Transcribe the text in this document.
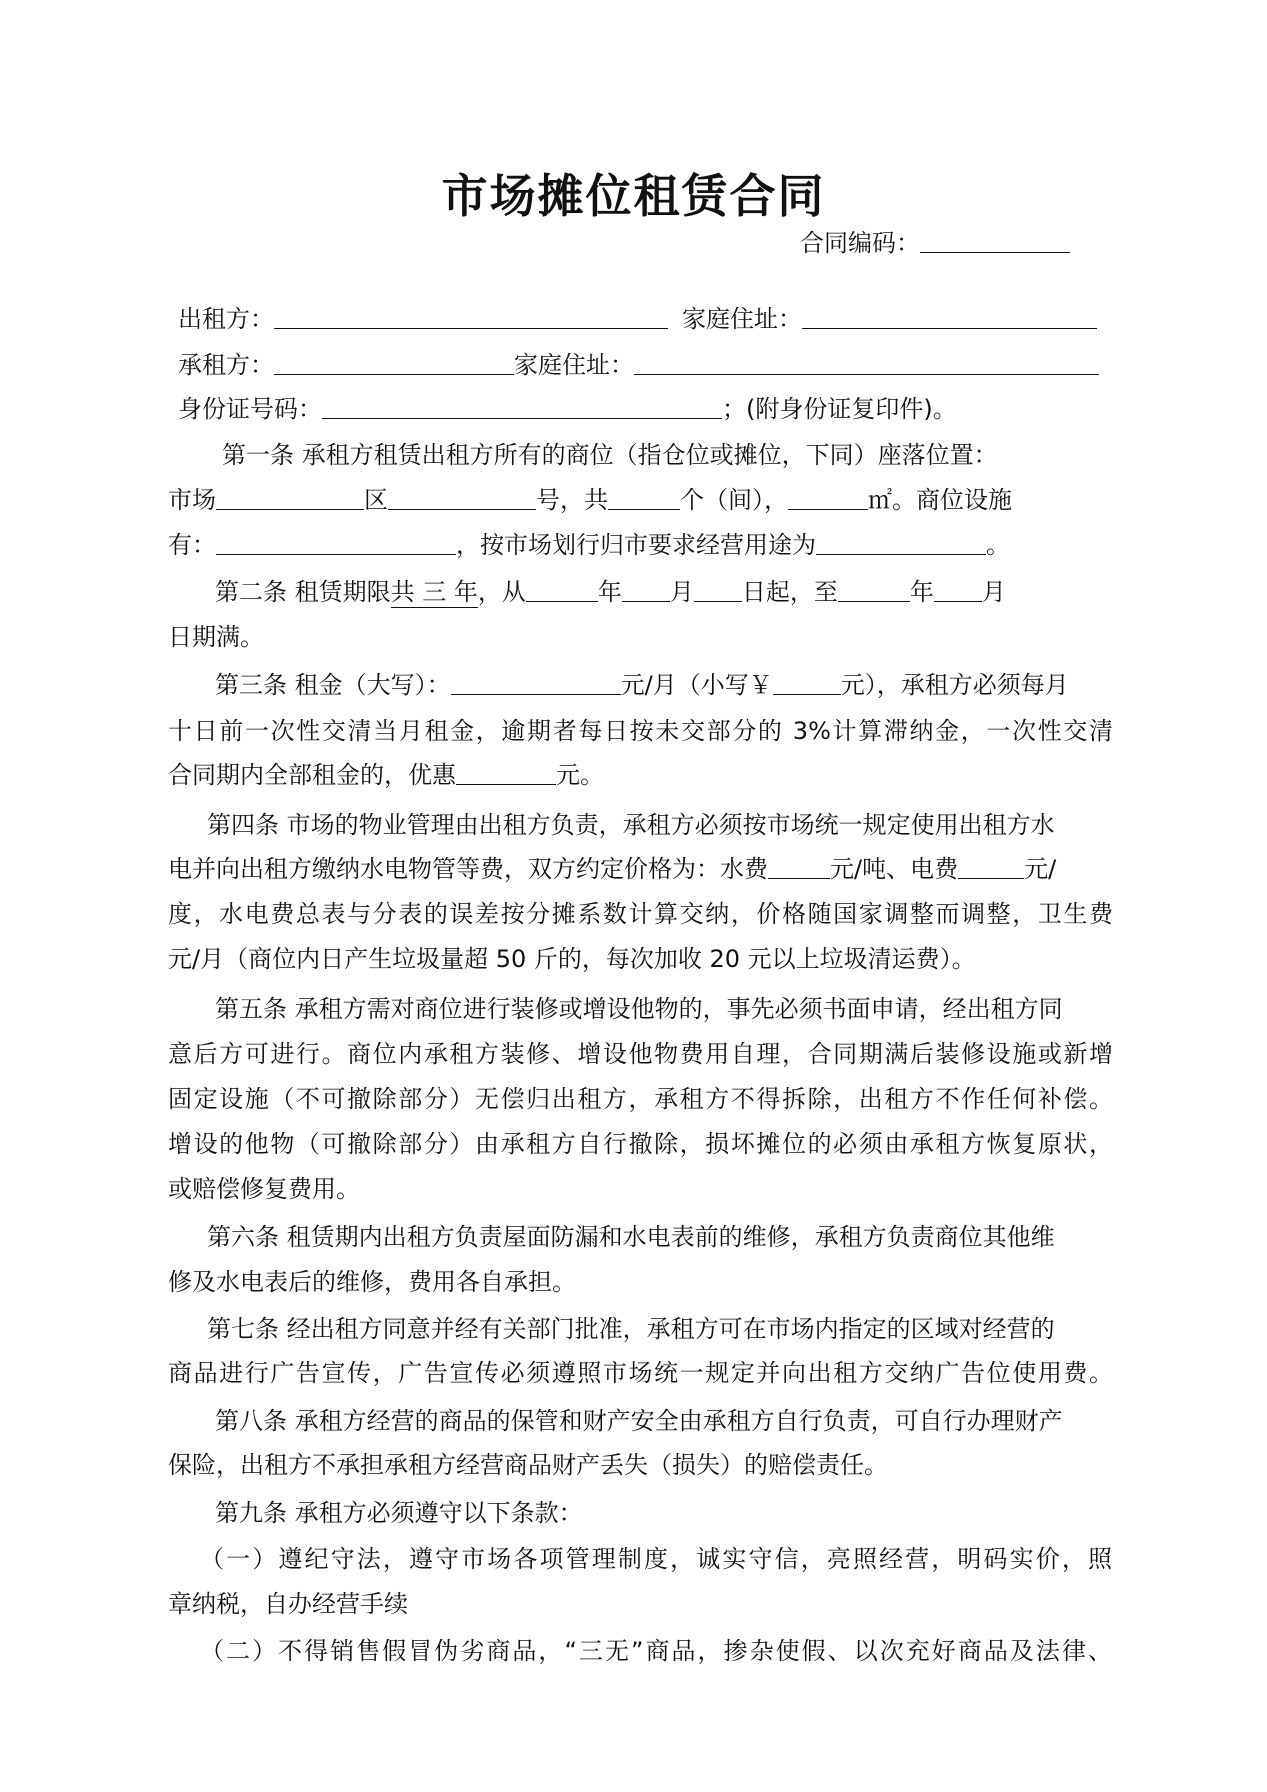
市场摊位租赁合同
合同编码：
出租方：	家庭住址：
承租方：	家庭住址：
身份证号码：	；(附身份证复印件)。
第一条 承租方租赁出租方所有的商位（指仓位或摊位，下同）座落位置：
市场	区	号，共	个（间），	㎡。商位设施
有：	，按市场划行归市要求经营用途为	。
第二条 租赁期限共 三 年，从	年 月 日起，至	年 月
日期满。
第三条 租金（大写）：	元/月（小写￥	元），承租方必须每月
十日前一次性交清当月租金，逾期者每日按未交部分的 3%计算滞纳金，一次性交清
合同期内全部租金的，优惠	元。
第四条 市场的物业管理由出租方负责，承租方必须按市场统一规定使用出租方水
电并向出租方缴纳水电物管等费，双方约定价格为：水费	元/吨、电费	元/
度，水电费总表与分表的误差按分摊系数计算交纳，价格随国家调整而调整，卫生费
元/月（商位内日产生垃圾量超 50 斤的，每次加收 20 元以上垃圾清运费）。
第五条 承租方需对商位进行装修或增设他物的，事先必须书面申请，经出租方同
意后方可进行。商位内承租方装修、增设他物费用自理，合同期满后装修设施或新增
固定设施（不可撤除部分）无偿归出租方，承租方不得拆除，出租方不作任何补偿。
增设的他物（可撤除部分）由承租方自行撤除，损坏摊位的必须由承租方恢复原状，
或赔偿修复费用。
第六条 租赁期内出租方负责屋面防漏和水电表前的维修，承租方负责商位其他维
修及水电表后的维修，费用各自承担。
第七条 经出租方同意并经有关部门批准，承租方可在市场内指定的区域对经营的
商品进行广告宣传，广告宣传必须遵照市场统一规定并向出租方交纳广告位使用费。
第八条 承租方经营的商品的保管和财产安全由承租方自行负责，可自行办理财产
保险，出租方不承担承租方经营商品财产丢失（损失）的赔偿责任。
第九条 承租方必须遵守以下条款：
（一）遵纪守法，遵守市场各项管理制度，诚实守信，亮照经营，明码实价，照
章纳税，自办经营手续
（二）不得销售假冒伪劣商品，“三无”商品，掺杂使假、以次充好商品及法律、
